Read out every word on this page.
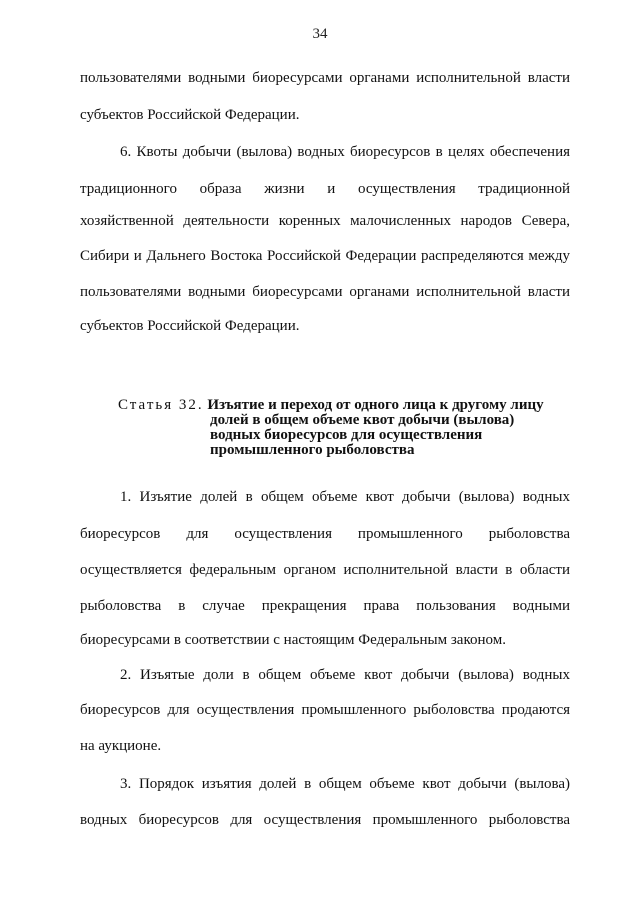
34
пользователями водными биоресурсами органами исполнительной власти
субъектов Российской Федерации.
6. Квоты добычи (вылова) водных биоресурсов в целях обеспечения
традиционного образа жизни и осуществления традиционной
хозяйственной деятельности коренных малочисленных народов Севера,
Сибири и Дальнего Востока Российской Федерации распределяются между
пользователями водными биоресурсами органами исполнительной власти
субъектов Российской Федерации.
Статья 32. Изъятие и переход от одного лица к другому лицу
долей в общем объеме квот добычи (вылова)
водных биоресурсов для осуществления
промышленного рыболовства
1. Изъятие долей в общем объеме квот добычи (вылова) водных
биоресурсов для осуществления промышленного рыболовства
осуществляется федеральным органом исполнительной власти в области
рыболовства в случае прекращения права пользования водными
биоресурсами в соответствии с настоящим Федеральным законом.
2. Изъятые доли в общем объеме квот добычи (вылова) водных
биоресурсов для осуществления промышленного рыболовства продаются
на аукционе.
3. Порядок изъятия долей в общем объеме квот добычи (вылова)
водных биоресурсов для осуществления промышленного рыболовства
